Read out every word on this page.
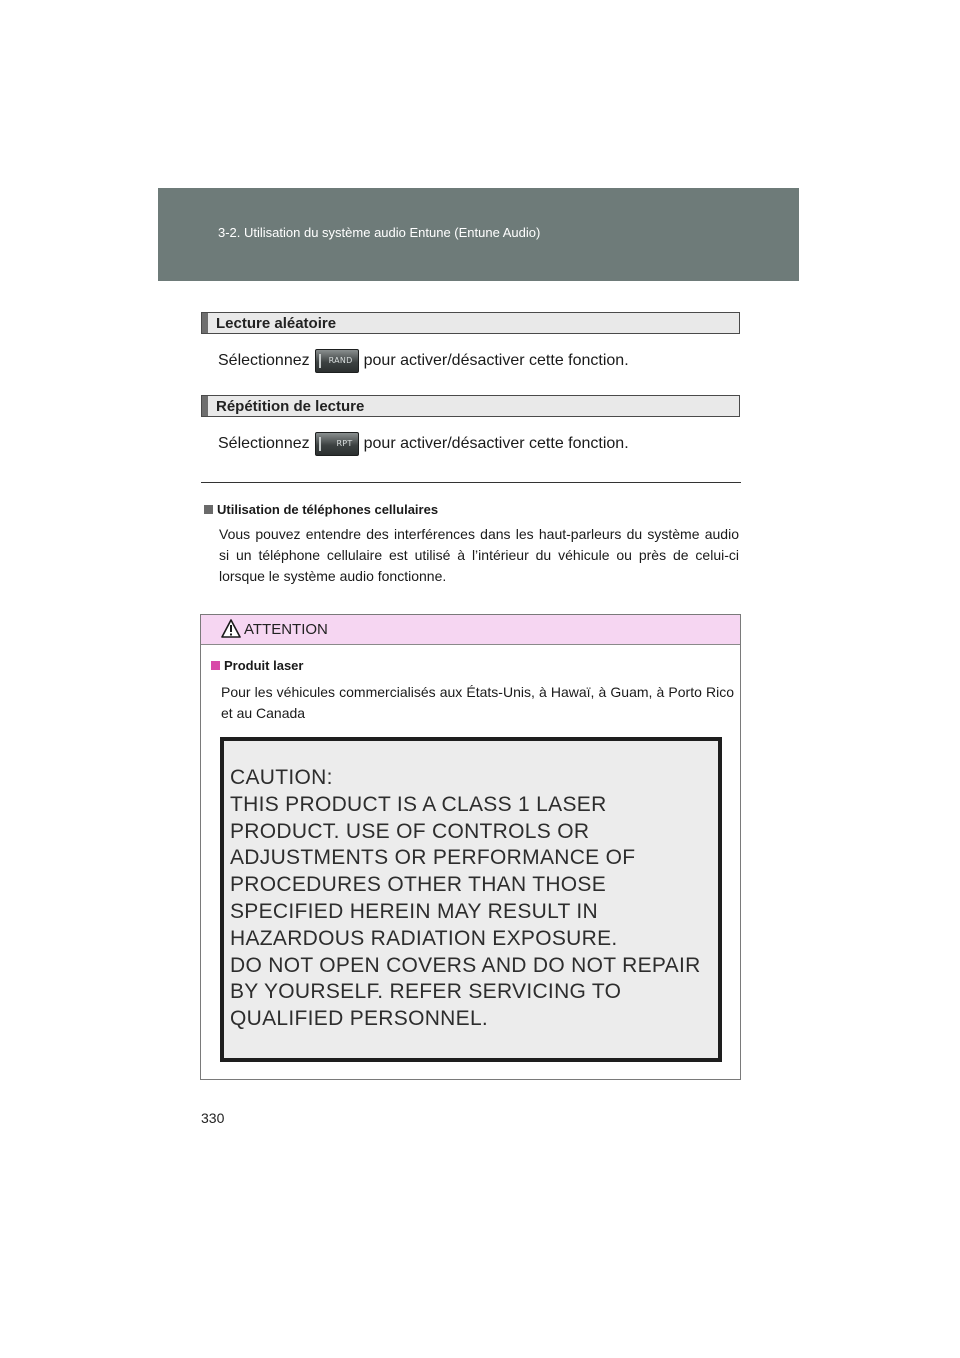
3-2. Utilisation du système audio Entune (Entune Audio)
Lecture aléatoire
Sélectionnez RAND pour activer/désactiver cette fonction.
Répétition de lecture
Sélectionnez	RPT pour activer/désactiver cette fonction.
Utilisation de téléphones cellulaires
Vous pouvez entendre des interférences dans les haut-parleurs du système audio si un téléphone cellulaire est utilisé à l’intérieur du véhicule ou près de celui-ci lorsque le système audio fonctionne.
ATTENTION
Produit laser
Pour les véhicules commercialisés aux États-Unis, à Hawaï, à Guam, à Porto Rico et au Canada
CAUTION:
THIS PRODUCT IS A CLASS 1 LASER
PRODUCT. USE OF CONTROLS OR
ADJUSTMENTS OR PERFORMANCE OF
PROCEDURES OTHER THAN THOSE
SPECIFIED HEREIN MAY RESULT IN
HAZARDOUS RADIATION EXPOSURE.
DO NOT OPEN COVERS AND DO NOT REPAIR
BY YOURSELF. REFER SERVICING TO
QUALIFIED PERSONNEL.
330
